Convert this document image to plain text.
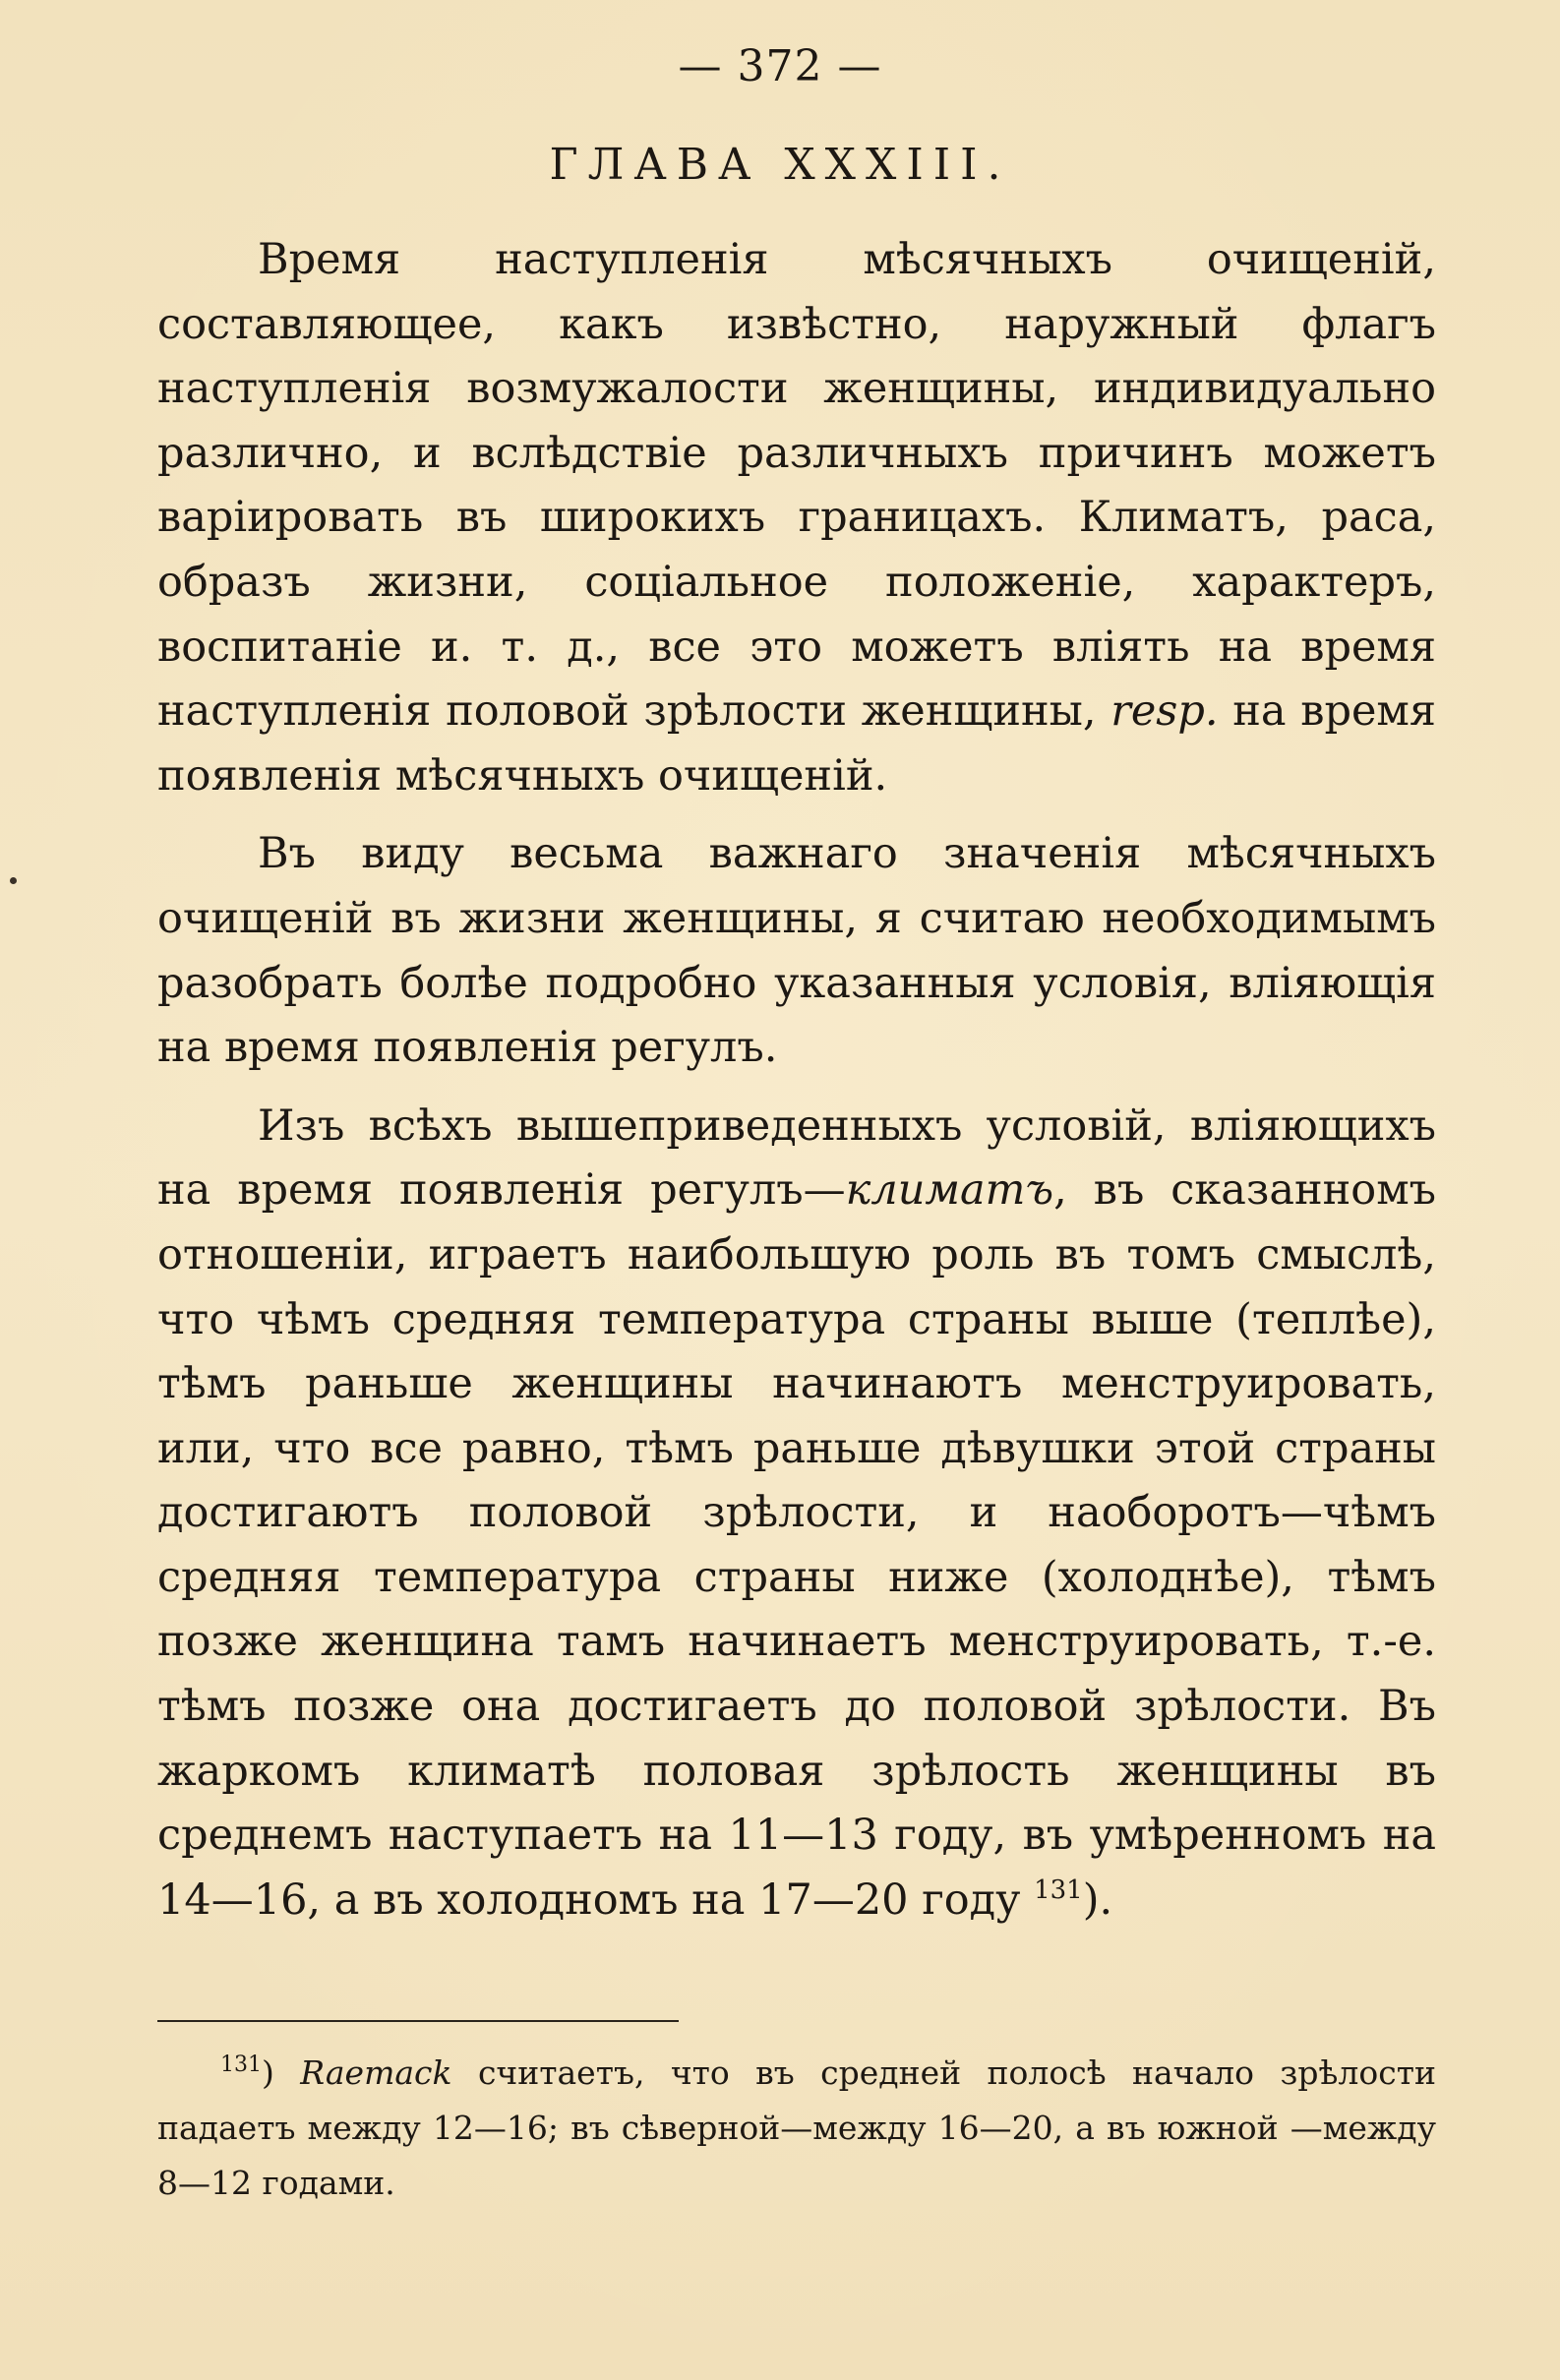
— 372 —
ГЛАВА XXXIII.

Время наступленія мѣсячныхъ очищеній, составляющее, какъ извѣстно, наружный флагъ наступленія возмужалости женщины, индивидуально различно, и вслѣдствіе различныхъ причинъ можетъ варіировать въ широкихъ границахъ. Климатъ, раса, образъ жизни, соціальное положеніе, характеръ, воспитаніе и. т. д., все это можетъ влiять на время наступленія половой зрѣлости женщины, resp. на время появленія мѣсячныхъ очищеній.

Въ виду весьма важнаго значенія мѣсячныхъ очищеній въ жизни женщины, я считаю необходимымъ разобрать болѣе подробно указанныя условія, вліяющія на время появленія регулъ.

Изъ всѣхъ вышеприведенныхъ условій, вліяющихъ на время появленія регулъ—климатъ, въ сказанномъ отношеніи, играетъ наибольшую роль въ томъ смыслѣ, что чѣмъ средняя температура страны выше (теплѣе), тѣмъ раньше женщины начинаютъ менструировать, или, что все равно, тѣмъ раньше дѣвушки этой страны достигаютъ половой зрѣлости, и наоборотъ—чѣмъ средняя температура страны ниже (холоднѣе), тѣмъ позже женщина тамъ начинаетъ менструировать, т.-е. тѣмъ позже она достигаетъ до половой зрѣлости. Въ жаркомъ климатѣ половая зрѣлость женщины въ среднемъ наступаетъ на 11—13 году, въ умѣренномъ на 14—16, а въ холодномъ на 17—20 году $^{131}$).

$^{131}$) Raemack считаетъ, что въ средней полосѣ начало зрѣлости падаетъ между 12—16; въ сѣверной—между 16—20, а въ южной —между 8—12 годами.
